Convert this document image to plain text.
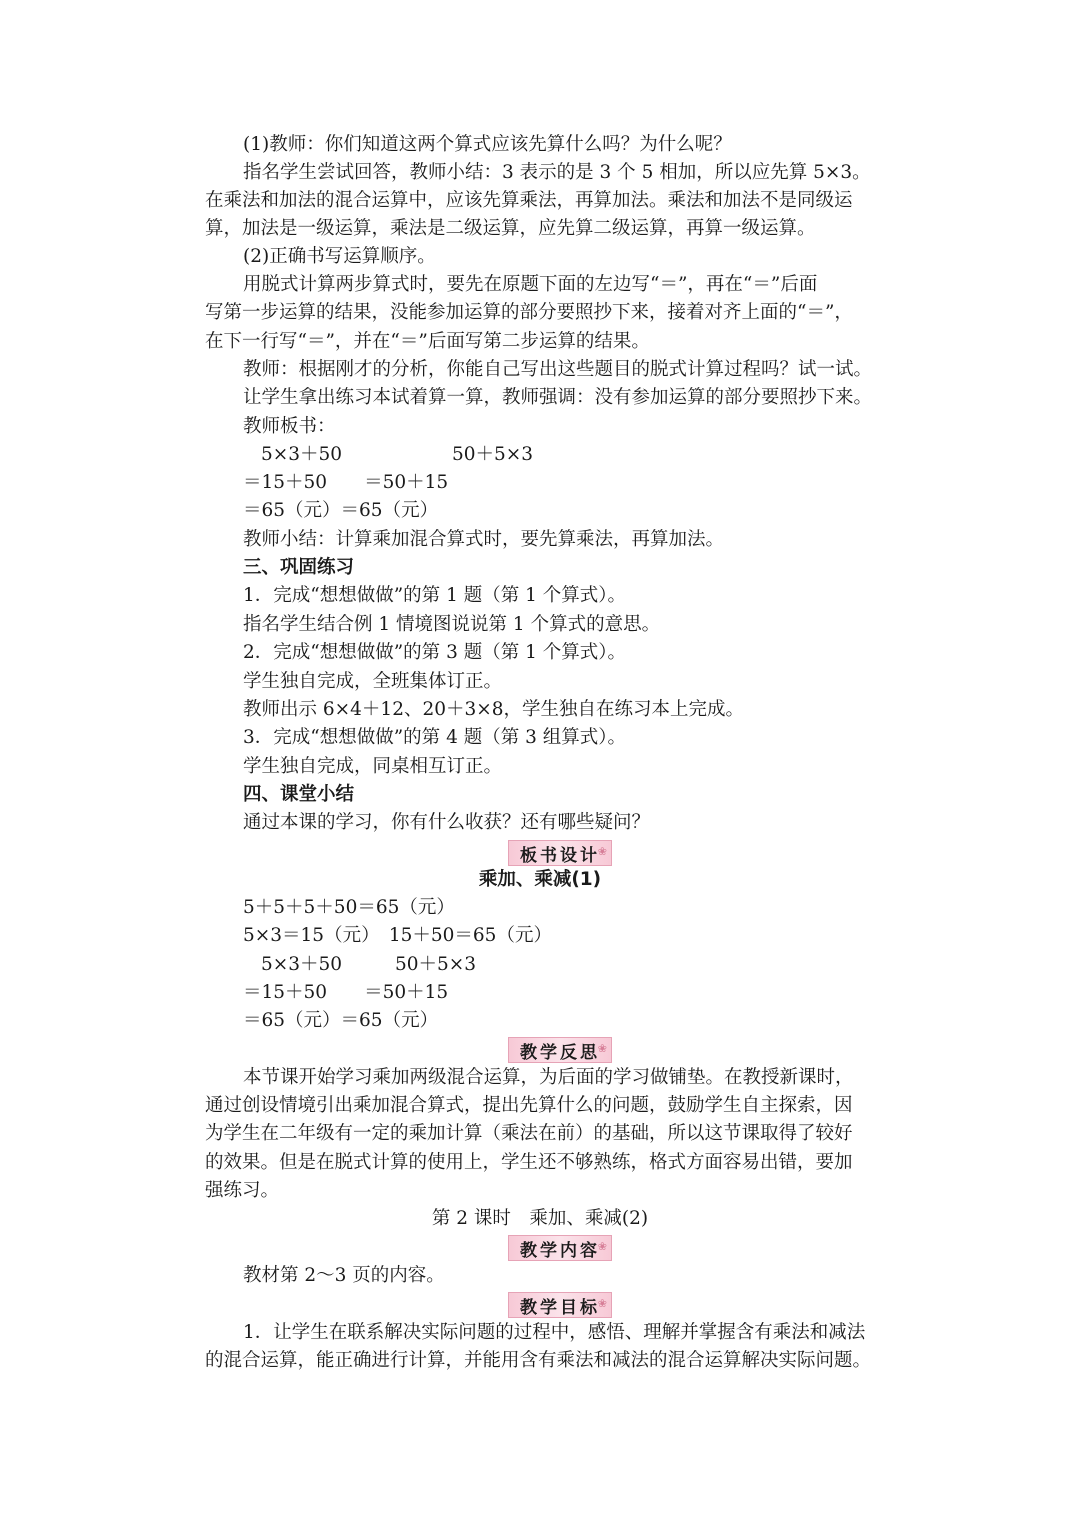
(1)教师：你们知道这两个算式应该先算什么吗？为什么呢？
指名学生尝试回答，教师小结：3 表示的是 3 个 5 相加，所以应先算 5×3。
在乘法和加法的混合运算中，应该先算乘法，再算加法。乘法和加法不是同级运
算，加法是一级运算，乘法是二级运算，应先算二级运算，再算一级运算。
(2)正确书写运算顺序。
用脱式计算两步算式时，要先在原题下面的左边写“＝”，再在“＝”后面
写第一步运算的结果，没能参加运算的部分要照抄下来，接着对齐上面的“＝”，
在下一行写“＝”，并在“＝”后面写第二步运算的结果。
教师：根据刚才的分析，你能自己写出这些题目的脱式计算过程吗？试一试。
让学生拿出练习本试着算一算，教师强调：没有参加运算的部分要照抄下来。
教师板书：
5×3＋50	50＋5×3
＝15＋50　　＝50＋15
＝65（元）＝65（元）
教师小结：计算乘加混合算式时，要先算乘法，再算加法。
三、巩固练习
1．完成“想想做做”的第 1 题（第 1 个算式）。
指名学生结合例 1 情境图说说第 1 个算式的意思。
2．完成“想想做做”的第 3 题（第 1 个算式）。
学生独自完成，全班集体订正。
教师出示 6×4＋12、20＋3×8，学生独自在练习本上完成。
3．完成“想想做做”的第 4 题（第 3 组算式）。
学生独自完成，同桌相互订正。
四、课堂小结
通过本课的学习，你有什么收获？还有哪些疑问？
板书设计
❀
乘加、乘减(1)
5＋5＋5＋50＝65（元）
5×3＝15（元）　15＋50＝65（元）
5×3＋50	50＋5×3
＝15＋50　　＝50＋15
＝65（元）＝65（元）
教学反思
❀
本节课开始学习乘加两级混合运算，为后面的学习做铺垫。在教授新课时，
通过创设情境引出乘加混合算式，提出先算什么的问题，鼓励学生自主探索，因
为学生在二年级有一定的乘加计算（乘法在前）的基础，所以这节课取得了较好
的效果。但是在脱式计算的使用上，学生还不够熟练，格式方面容易出错，要加
强练习。
第 2 课时　乘加、乘减(2)
教学内容
❀
教材第 2～3 页的内容。
教学目标
❀
1．让学生在联系解决实际问题的过程中，感悟、理解并掌握含有乘法和减法
的混合运算，能正确进行计算，并能用含有乘法和减法的混合运算解决实际问题。
